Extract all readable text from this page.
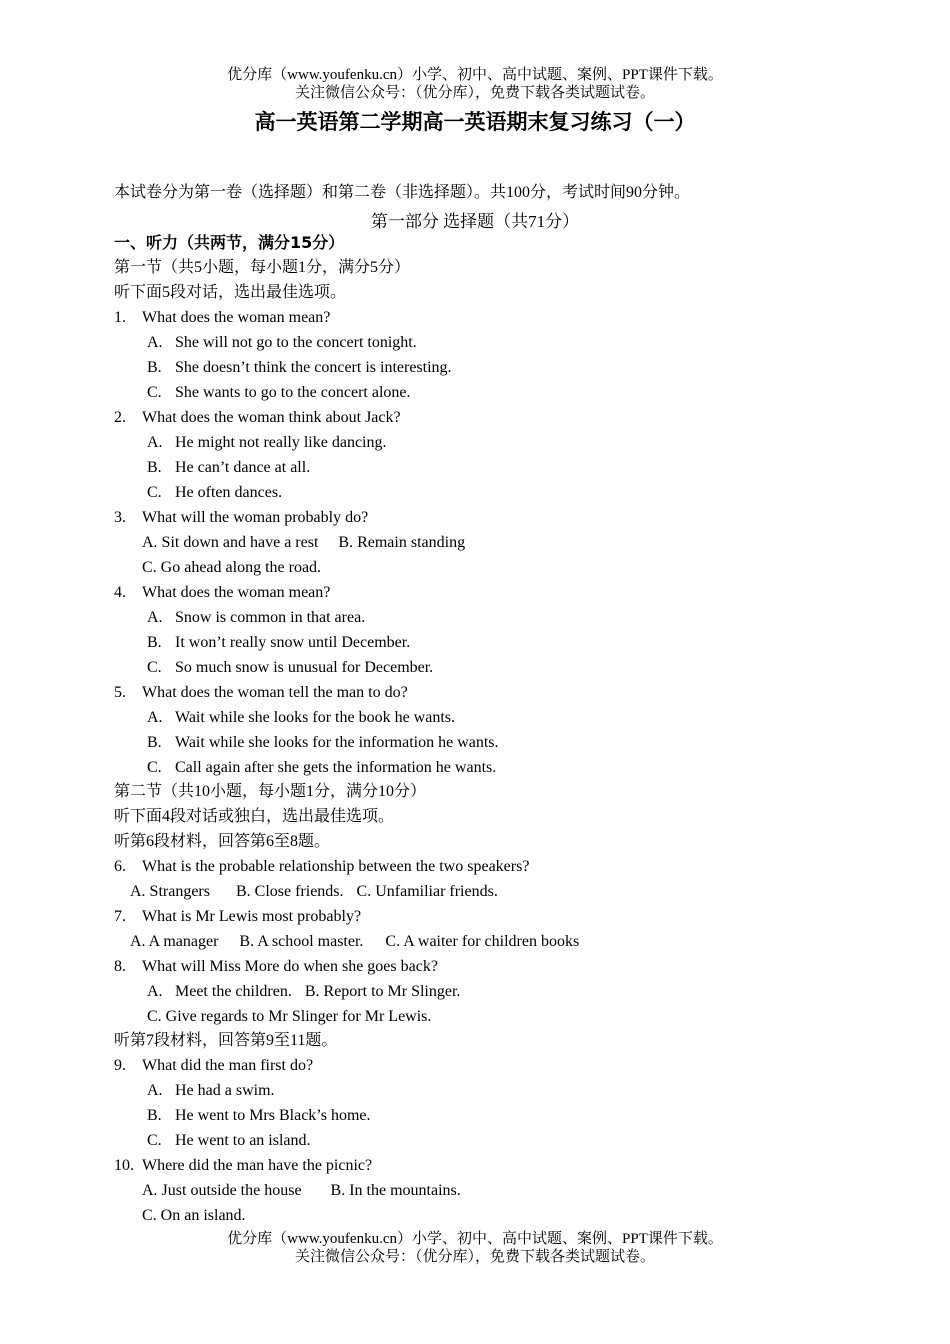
优分库（www.youfenku.cn）小学、初中、高中试题、案例、PPT课件下载。
关注微信公众号：（优分库），免费下载各类试题试卷。
高一英语第二学期高一英语期末复习练习（一）
本试卷分为第一卷（选择题）和第二卷（非选择题）。共100分，考试时间90分钟。
第一部分 选择题（共71分）
一、听力（共两节，满分15分）
第一节（共5小题，每小题1分，满分5分）
听下面5段对话，选出最佳选项。
1. What does the woman mean?
A. She will not go to the concert tonight.
B. She doesn’t think the concert is interesting.
C. She wants to go to the concert alone.
2. What does the woman think about Jack?
A. He might not really like dancing.
B. He can’t dance at all.
C. He often dances.
3. What will the woman probably do?
A. Sit down and have a rest B. Remain standing
C. Go ahead along the road.
4. What does the woman mean?
A. Snow is common in that area.
B. It won’t really snow until December.
C. So much snow is unusual for December.
5. What does the woman tell the man to do?
A. Wait while she looks for the book he wants.
B. Wait while she looks for the information he wants.
C. Call again after she gets the information he wants.
第二节（共10小题，每小题1分，满分10分）
听下面4段对话或独白，选出最佳选项。
听第6段材料，回答第6至8题。
6. What is the probable relationship between the two speakers?
A. Strangers B. Close friends. C. Unfamiliar friends.
7. What is Mr Lewis most probably?
A. A manager B. A school master. C. A waiter for children books
8. What will Miss More do when she goes back?
A. Meet the children. B. Report to Mr Slinger.
C. Give regards to Mr Slinger for Mr Lewis.
听第7段材料，回答第9至11题。
9. What did the man first do?
A. He had a swim.
B. He went to Mrs Black’s home.
C. He went to an island.
10. Where did the man have the picnic?
A. Just outside the house B. In the mountains.
C. On an island.
优分库（www.youfenku.cn）小学、初中、高中试题、案例、PPT课件下载。
关注微信公众号：（优分库），免费下载各类试题试卷。
